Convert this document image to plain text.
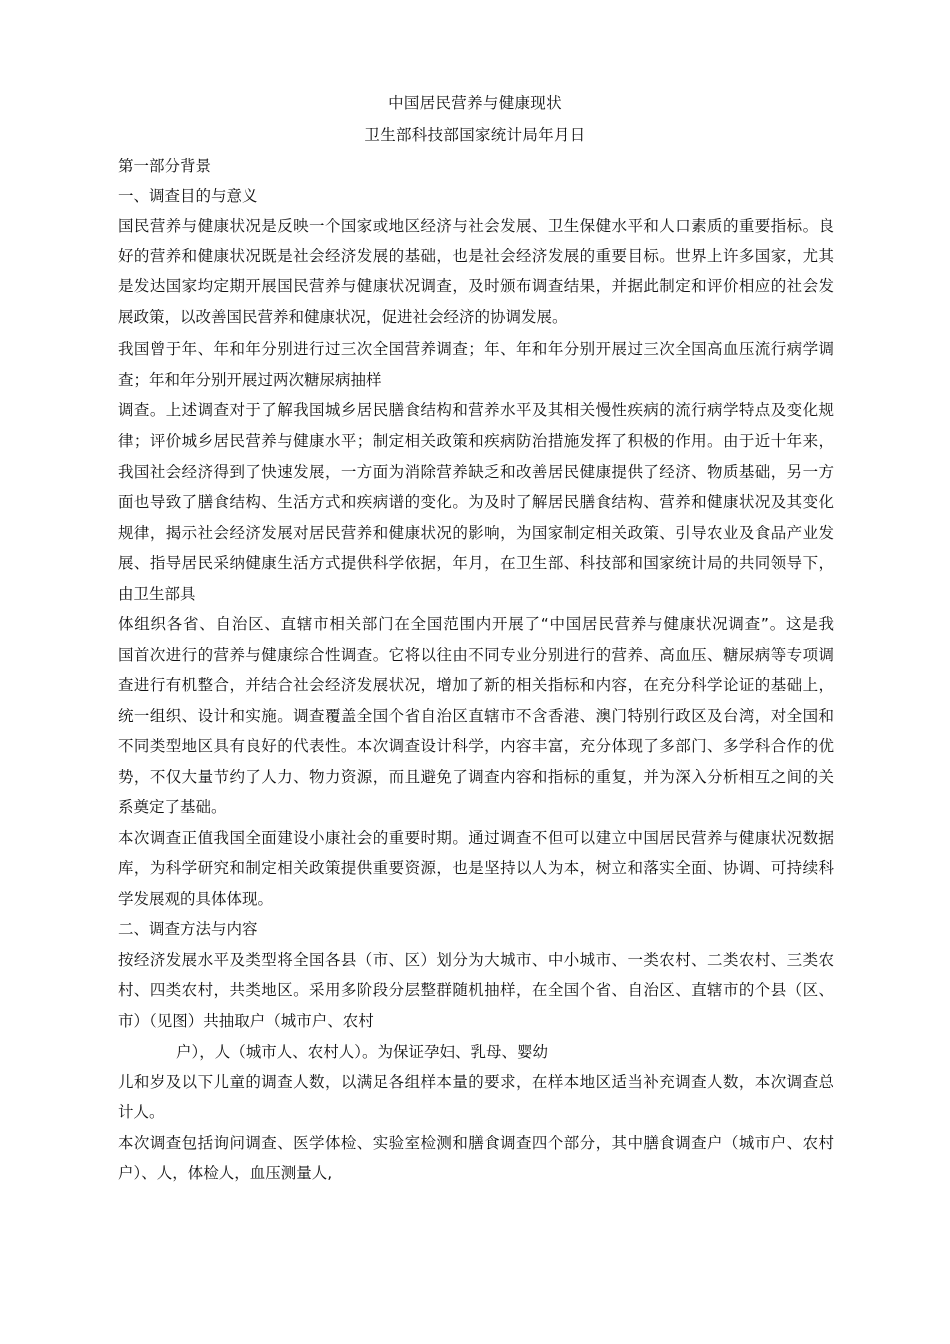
中国居民营养与健康现状
卫生部科技部国家统计局年月日
第一部分背景
一、调查目的与意义
国民营养与健康状况是反映一个国家或地区经济与社会发展、卫生保健水平和人口素质的重要指标。良
好的营养和健康状况既是社会经济发展的基础，也是社会经济发展的重要目标。世界上许多国家，尤其
是发达国家均定期开展国民营养与健康状况调查，及时颁布调查结果，并据此制定和评价相应的社会发
展政策，以改善国民营养和健康状况，促进社会经济的协调发展。
我国曾于年、年和年分别进行过三次全国营养调查；年、年和年分别开展过三次全国高血压流行病学调
查；年和年分别开展过两次糖尿病抽样
调查。上述调查对于了解我国城乡居民膳食结构和营养水平及其相关慢性疾病的流行病学特点及变化规
律；评价城乡居民营养与健康水平；制定相关政策和疾病防治措施发挥了积极的作用。由于近十年来，
我国社会经济得到了快速发展，一方面为消除营养缺乏和改善居民健康提供了经济、物质基础，另一方
面也导致了膳食结构、生活方式和疾病谱的变化。为及时了解居民膳食结构、营养和健康状况及其变化
规律，揭示社会经济发展对居民营养和健康状况的影响，为国家制定相关政策、引导农业及食品产业发
展、指导居民采纳健康生活方式提供科学依据，年月，在卫生部、科技部和国家统计局的共同领导下，
由卫生部具
体组织各省、自治区、直辖市相关部门在全国范围内开展了“中国居民营养与健康状况调查”。这是我
国首次进行的营养与健康综合性调查。它将以往由不同专业分别进行的营养、高血压、糖尿病等专项调
查进行有机整合，并结合社会经济发展状况，增加了新的相关指标和内容，在充分科学论证的基础上，
统一组织、设计和实施。调查覆盖全国个省自治区直辖市不含香港、澳门特别行政区及台湾，对全国和
不同类型地区具有良好的代表性。本次调查设计科学，内容丰富，充分体现了多部门、多学科合作的优
势，不仅大量节约了人力、物力资源，而且避免了调查内容和指标的重复，并为深入分析相互之间的关
系奠定了基础。
本次调查正值我国全面建设小康社会的重要时期。通过调查不但可以建立中国居民营养与健康状况数据
库，为科学研究和制定相关政策提供重要资源，也是坚持以人为本，树立和落实全面、协调、可持续科
学发展观的具体体现。
二、调查方法与内容
按经济发展水平及类型将全国各县（市、区）划分为大城市、中小城市、一类农村、二类农村、三类农
村、四类农村，共类地区。采用多阶段分层整群随机抽样，在全国个省、自治区、直辖市的个县（区、
市）（见图）共抽取户（城市户、农村
户），人（城市人、农村人）。为保证孕妇、乳母、婴幼
儿和岁及以下儿童的调查人数，以满足各组样本量的要求，在样本地区适当补充调查人数，本次调查总
计人。
本次调查包括询问调查、医学体检、实验室检测和膳食调查四个部分，其中膳食调查户（城市户、农村
户）、人，体检人，血压测量人,
